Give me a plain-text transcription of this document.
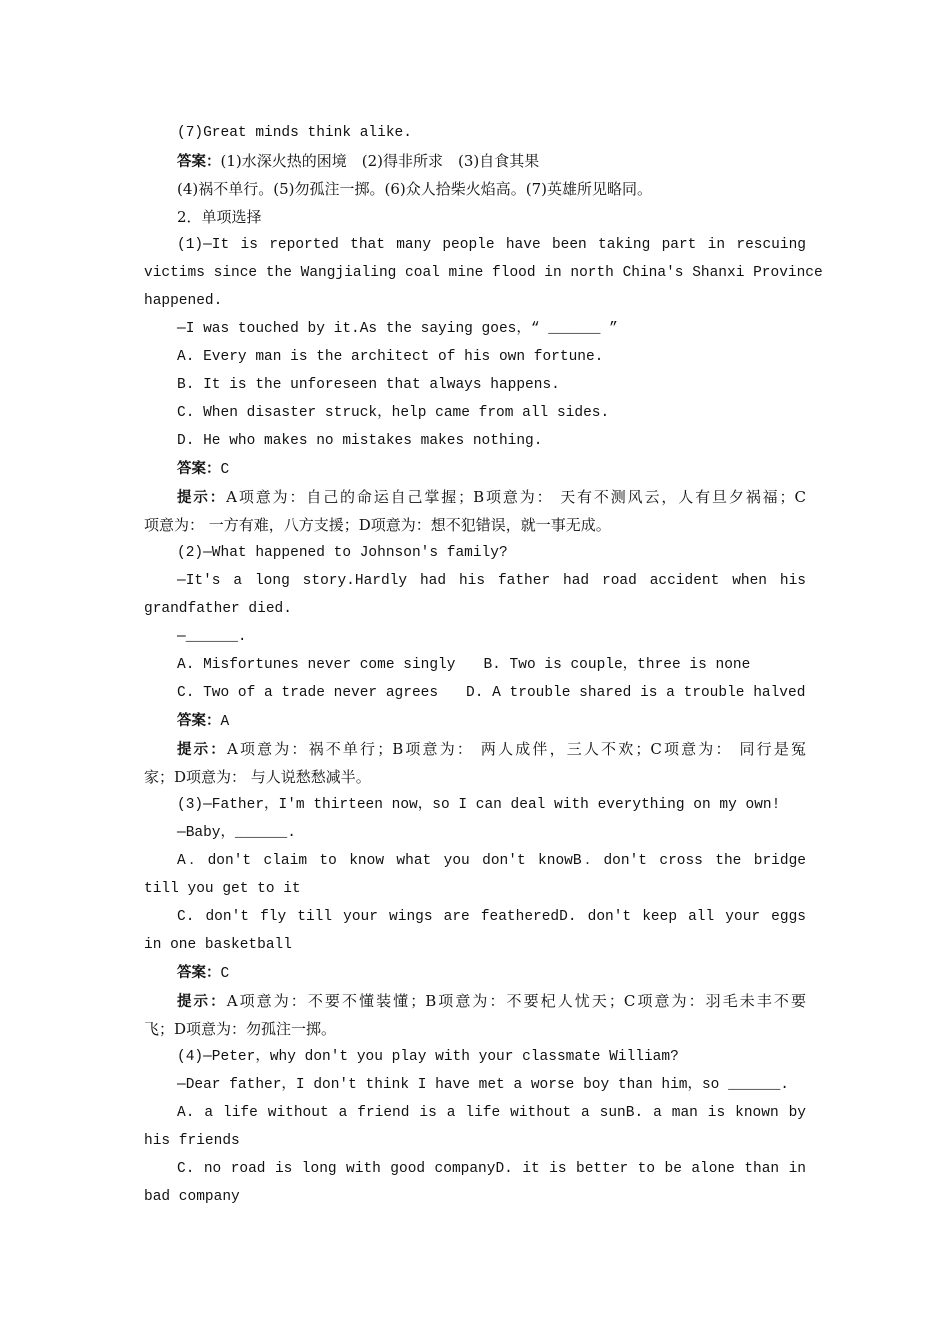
(7)Great minds think alike.
答案：(1)水深火热的困境　(2)得非所求　(3)自食其果
(4)祸不单行。(5)勿孤注一掷。(6)众人拾柴火焰高。(7)英雄所见略同。
2．单项选择
(1)—It is reported that many people have been taking part in rescuing
victims since the Wangjialing coal mine flood in north China's Shanxi Province
happened.
—I was touched by it.As the saying goes，“ ______ ”
A. Every man is the architect of his own fortune.
B. It is the unforeseen that always happens.
C. When disaster struck，help came from all sides.
D. He who makes no mistakes makes nothing.
答案：C
提示：A项意为：自己的命运自己掌握；B项意为： 天有不测风云，人有旦夕祸福；C
项意为： 一方有难，八方支援；D项意为：想不犯错误，就一事无成。
(2)—What happened to Johnson's family?
—It's a long story.Hardly had his father had road accident when his
grandfather died.
—______.
A. Misfortunes never come singly B. Two is couple，three is none
C. Two of a trade never agrees D. A trouble shared is a trouble halved
答案：A
提示：A项意为：祸不单行；B项意为： 两人成伴，三人不欢；C项意为： 同行是冤
家；D项意为： 与人说愁愁减半。
(3)—Father，I'm thirteen now，so I can deal with everything on my own!
—Baby，______.
A．don't claim to know what you don't knowB．don't cross the bridge
till you get to it
C. don't fly till your wings are featheredD. don't keep all your eggs
in one basketball
答案：C
提示：A项意为：不要不懂装懂；B项意为：不要杞人忧天；C项意为：羽毛未丰不要
飞；D项意为：勿孤注一掷。
(4)—Peter，why don't you play with your classmate William?
—Dear father，I don't think I have met a worse boy than him，so ______.
A. a life without a friend is a life without a sunB. a man is known by
his friends
C. no road is long with good companyD. it is better to be alone than in
bad company
